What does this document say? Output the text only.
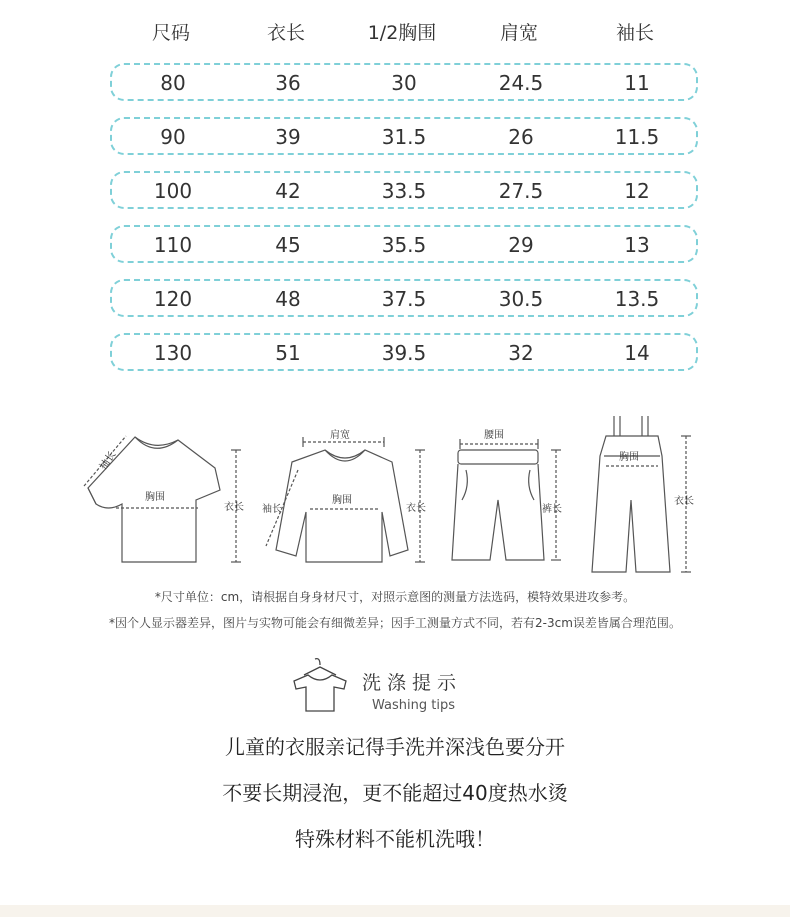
尺码	衣长	1/2胸围	肩宽	袖长
80	36	30	24.5	11
90	39	31.5	26	11.5
100	42	33.5	27.5	12
110	45	35.5	29	13
120	48	37.5	30.5	13.5
130	51	39.5	32	14
胸围
袖长
衣长
肩宽
胸围
袖长	衣长
腰围
裤长
胸围
衣长
*尺寸单位：cm，请根据自身身材尺寸，对照示意图的测量方法选码，模特效果进攻参考。
*因个人显示器差异，图片与实物可能会有细微差异；因手工测量方式不同，若有2-3cm误差皆属合理范围。
洗涤提示
Washing tips
儿童的衣服亲记得手洗并深浅色要分开
不要长期浸泡，更不能超过40度热水烫
特殊材料不能机洗哦！
